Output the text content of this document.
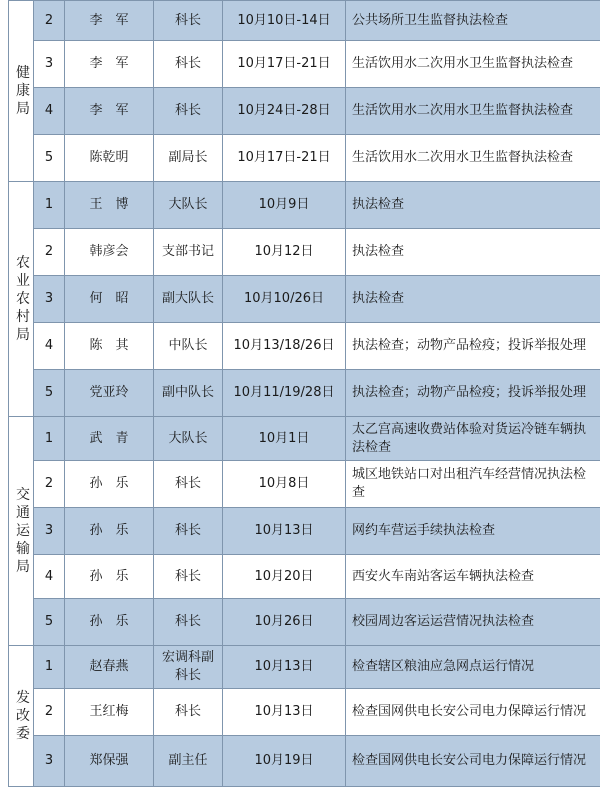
健康局	2	李　军	科长	10月10日-14日	公共场所卫生监督执法检查
	3	李　军	科长	10月17日-21日	生活饮用水二次用水卫生监督执法检查
	4	李　军	科长	10月24日-28日	生活饮用水二次用水卫生监督执法检查
	5	陈乾明	副局长	10月17日-21日	生活饮用水二次用水卫生监督执法检查
农业农村局	1	王　博	大队长	10月9日	执法检查
	2	韩彦会	支部书记	10月12日	执法检查
	3	何　昭	副大队长	10月10/26日	执法检查
	4	陈　其	中队长	10月13/18/26日	执法检查；动物产品检疫；投诉举报处理
	5	党亚玲	副中队长	10月11/19/28日	执法检查；动物产品检疫；投诉举报处理
交通运输局	1	武　青	大队长	10月1日	太乙宫高速收费站体验对货运冷链车辆执法检查
	2	孙　乐	科长	10月8日	城区地铁站口对出租汽车经营情况执法检查
	3	孙　乐	科长	10月13日	网约车营运手续执法检查
	4	孙　乐	科长	10月20日	西安火车南站客运车辆执法检查
	5	孙　乐	科长	10月26日	校园周边客运运营情况执法检查
发改委	1	赵春燕	宏调科副科长	10月13日	检查辖区粮油应急网点运行情况
	2	王红梅	科长	10月13日	检查国网供电长安公司电力保障运行情况
	3	郑保强	副主任	10月19日	检查国网供电长安公司电力保障运行情况
